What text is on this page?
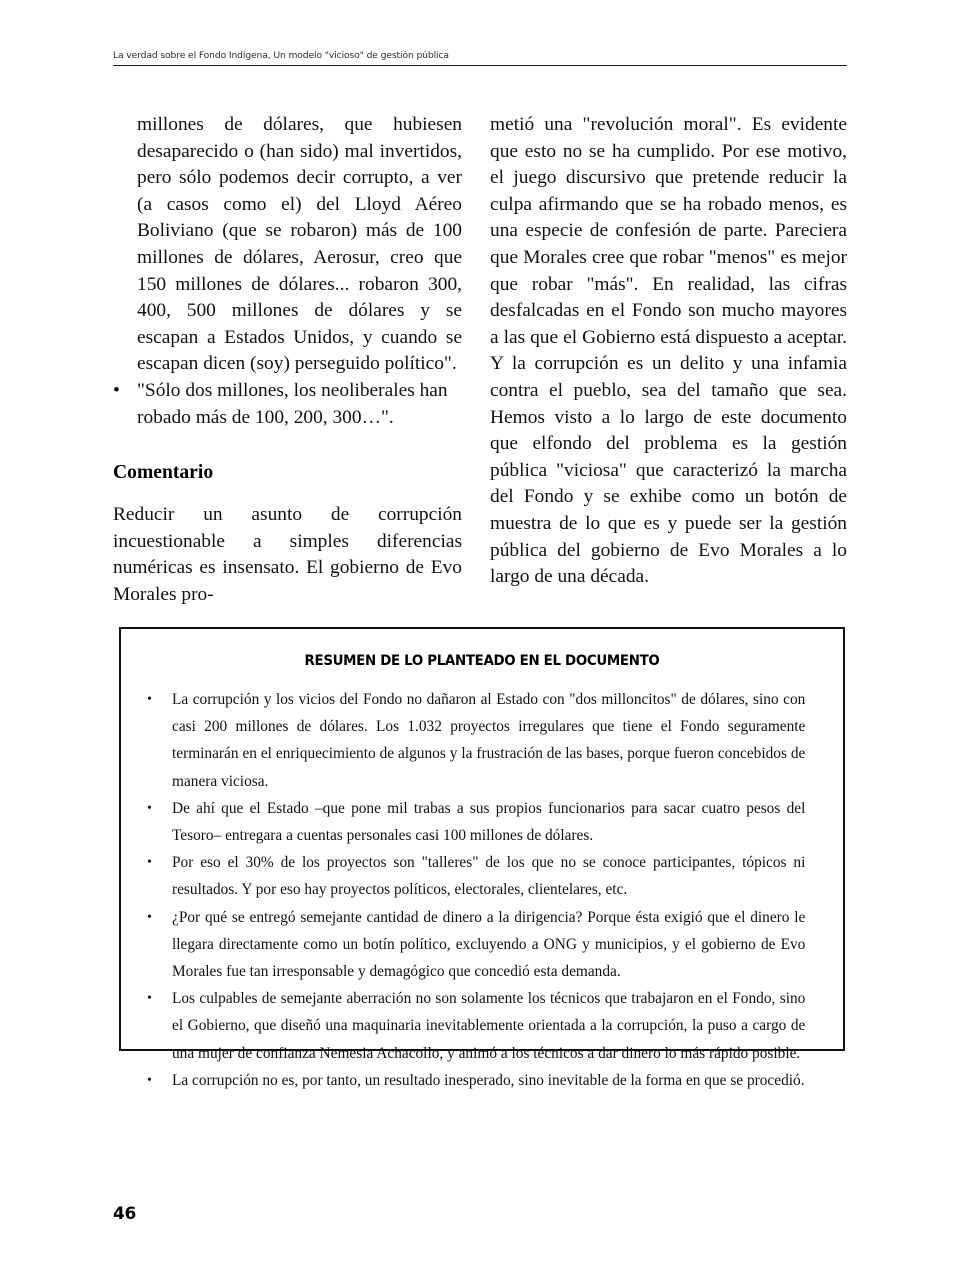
La verdad sobre el Fondo Indígena, Un modelo "vicioso" de gestión pública

millones de dólares, que hubiesen desaparecido o (han sido) mal invertidos, pero sólo podemos decir corrupto, a ver (a casos como el) del Lloyd Aéreo Boliviano (que se robaron) más de 100 millones de dólares, Aerosur, creo que 150 millones de dólares... robaron 300, 400, 500 millones de dólares y se escapan a Estados Unidos, y cuando se escapan dicen (soy) perseguido político".

• "Sólo dos millones, los neoliberales han robado más de 100, 200, 300…".
Comentario

Reducir un asunto de corrupción incuestionable a simples diferencias numéricas es insensato. El gobierno de Evo Morales pro-

metió una "revolución moral". Es evidente que esto no se ha cumplido. Por ese motivo, el juego discursivo que pretende reducir la culpa afirmando que se ha robado menos, es una especie de confesión de parte. Pareciera que Morales cree que robar "menos" es mejor que robar "más". En realidad, las cifras desfalcadas en el Fondo son mucho mayores a las que el Gobierno está dispuesto a aceptar. Y la corrupción es un delito y una infamia contra el pueblo, sea del tamaño que sea. Hemos visto a lo largo de este documento que elfondo del problema es la gestión pública "viciosa" que caracterizó la marcha del Fondo y se exhibe como un botón de muestra de lo que es y puede ser la gestión pública del gobierno de Evo Morales a lo largo de una década.

RESUMEN DE LO PLANTEADO EN EL DOCUMENTO
•	La corrupción y los vicios del Fondo no dañaron al Estado con "dos milloncitos" de dólares, sino con casi 200 millones de dólares. Los 1.032 proyectos irregulares que tiene el Fondo seguramente terminarán en el enriquecimiento de algunos y la frustración de las bases, porque fueron concebidos de manera viciosa.
•	De ahí que el Estado –que pone mil trabas a sus propios funcionarios para sacar cuatro pesos del Tesoro– entregara a cuentas personales casi 100 millones de dólares.
•	Por eso el 30% de los proyectos son "talleres" de los que no se conoce participantes, tópicos ni resultados. Y por eso hay proyectos políticos, electorales, clientelares, etc.
•	¿Por qué se entregó semejante cantidad de dinero a la dirigencia? Porque ésta exigió que el dinero le llegara directamente como un botín político, excluyendo a ONG y municipios, y el gobierno de Evo Morales fue tan irresponsable y demagógico que concedió esta demanda.
•	Los culpables de semejante aberración no son solamente los técnicos que trabajaron en el Fondo, sino el Gobierno, que diseñó una maquinaria inevitablemente orientada a la corrupción, la puso a cargo de una mujer de confianza Nemesia Achacollo, y animó a los técnicos a dar dinero lo más rápido posible.
•	La corrupción no es, por tanto, un resultado inesperado, sino inevitable de la forma en que se procedió.
46
